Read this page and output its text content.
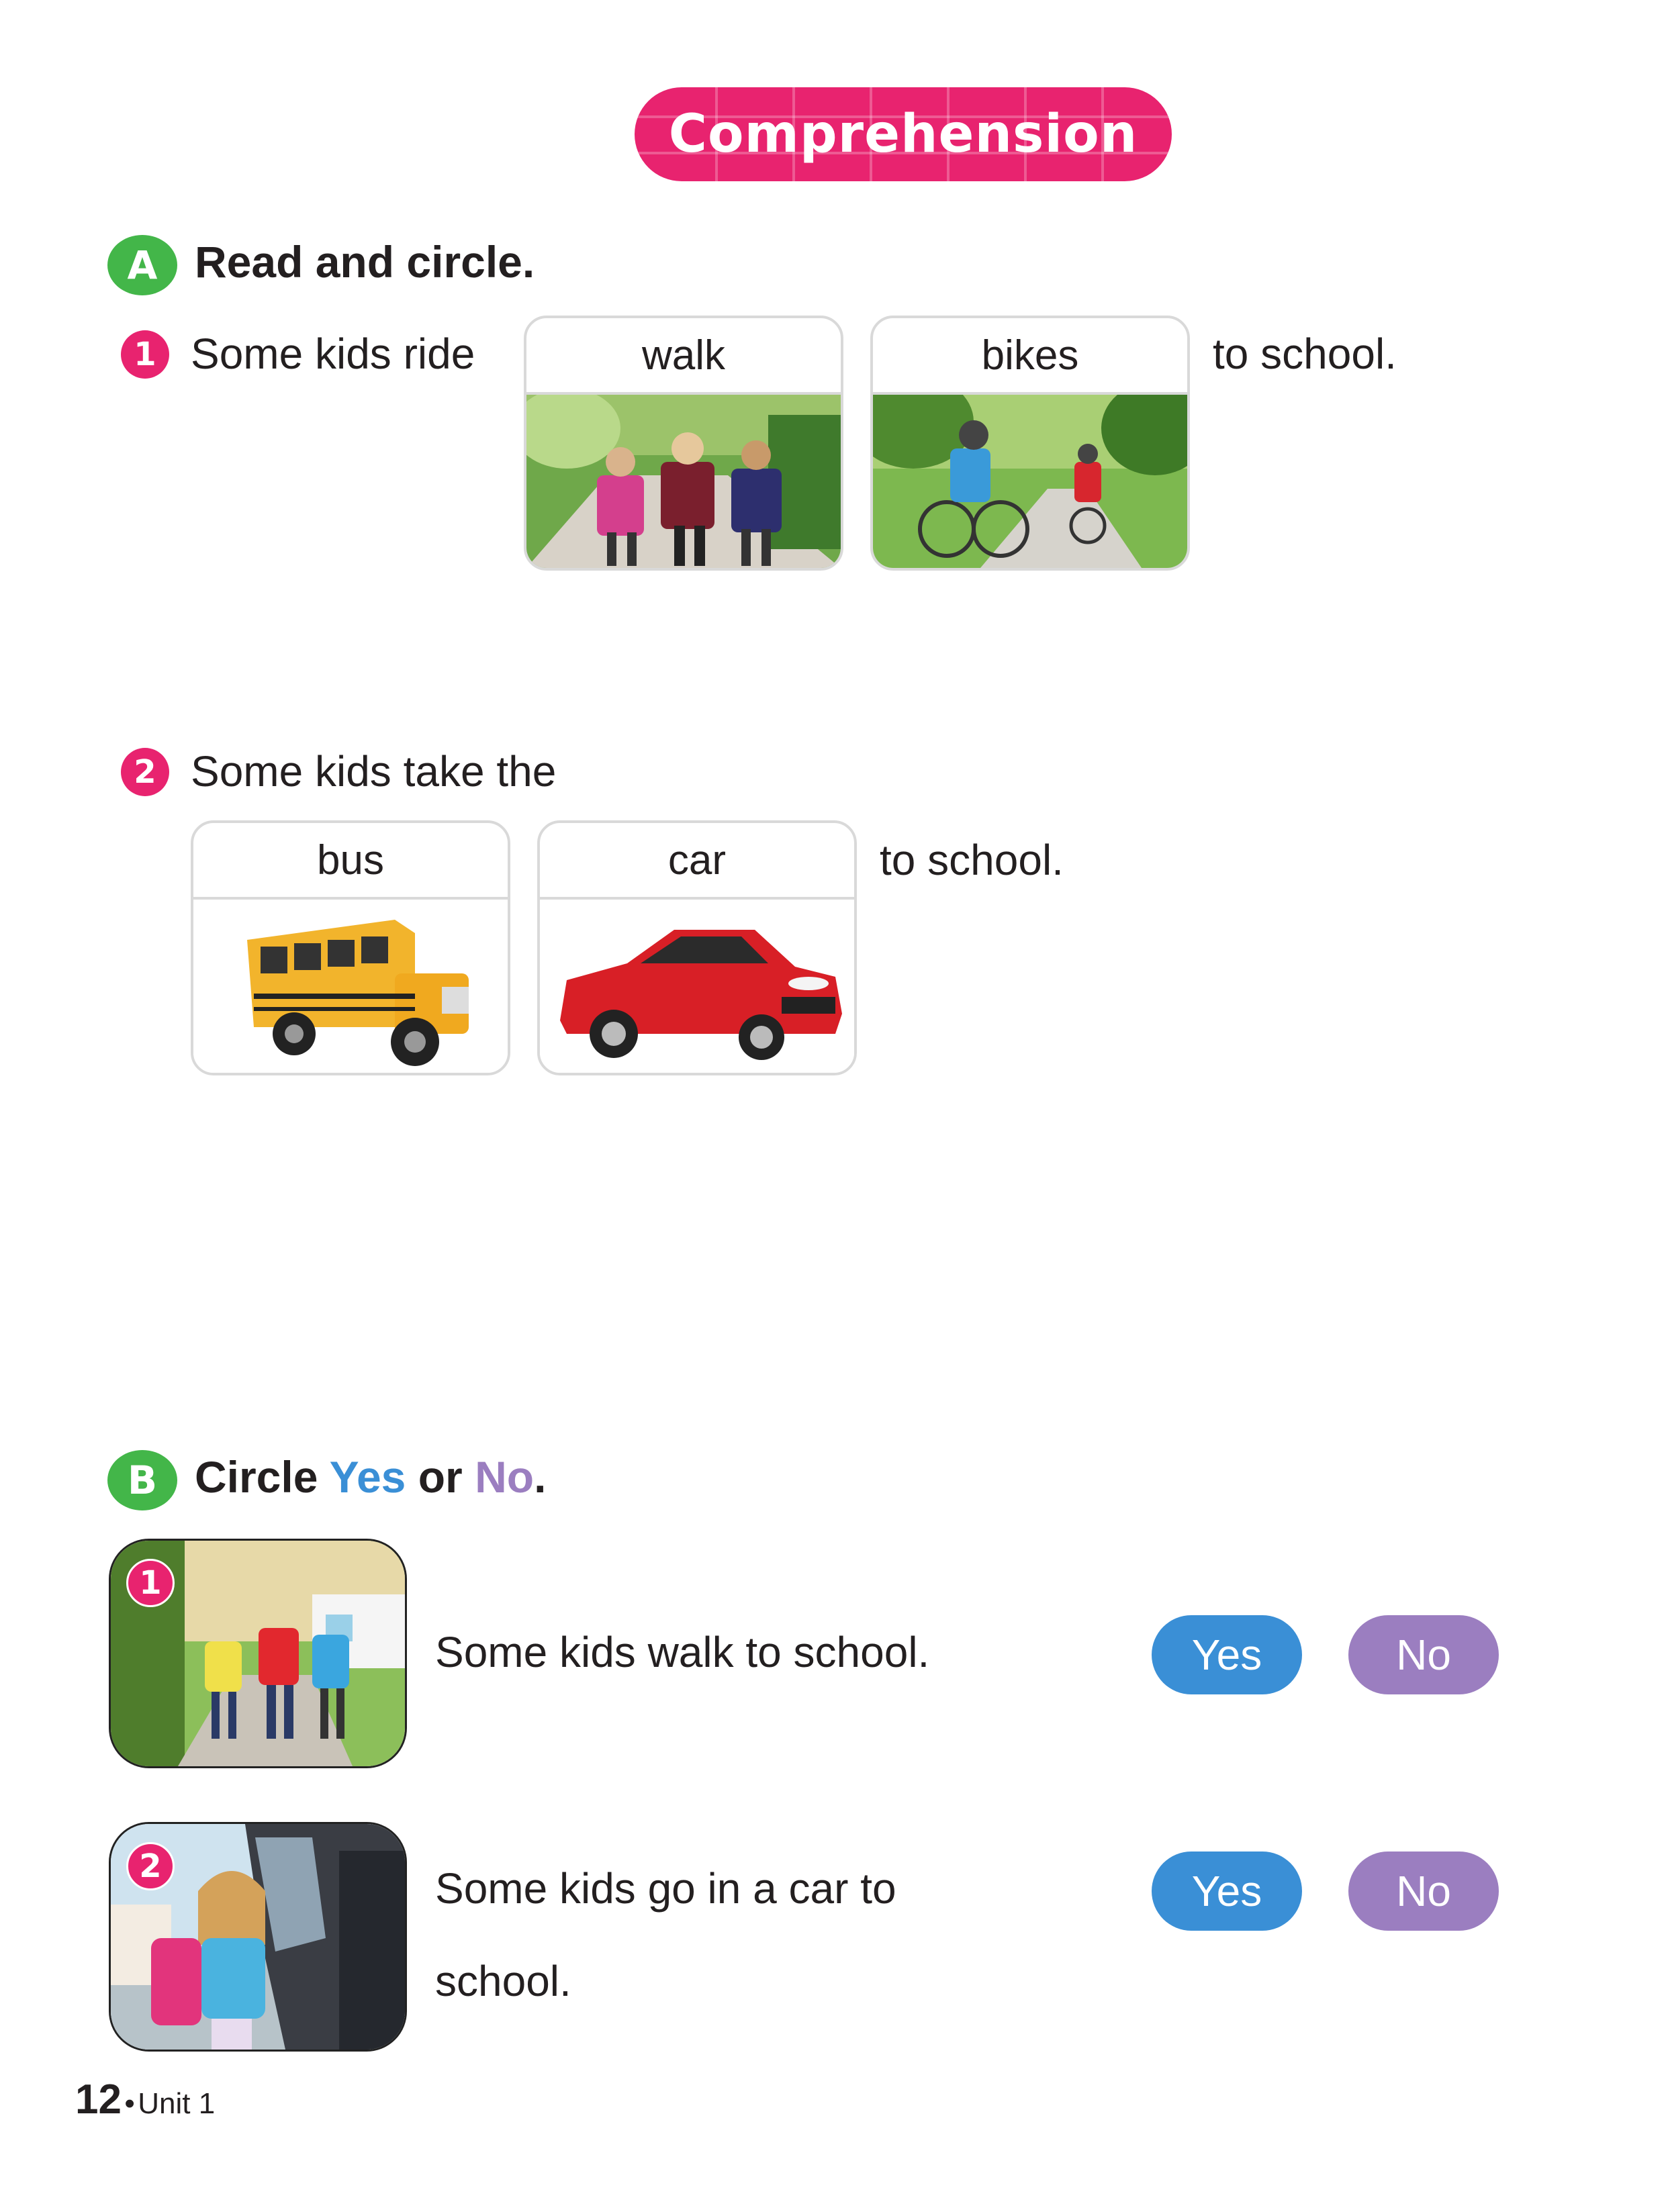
Comprehension
A Read and circle.
1 Some kids ride	walk	bikes	to school.
2 Some kids take the
bus	car	to school.
B Circle Yes or No.
1
Some kids walk to school.	Yes	No
2	Some kids go in a car to
school.
Yes	No
12 • Unit 1
